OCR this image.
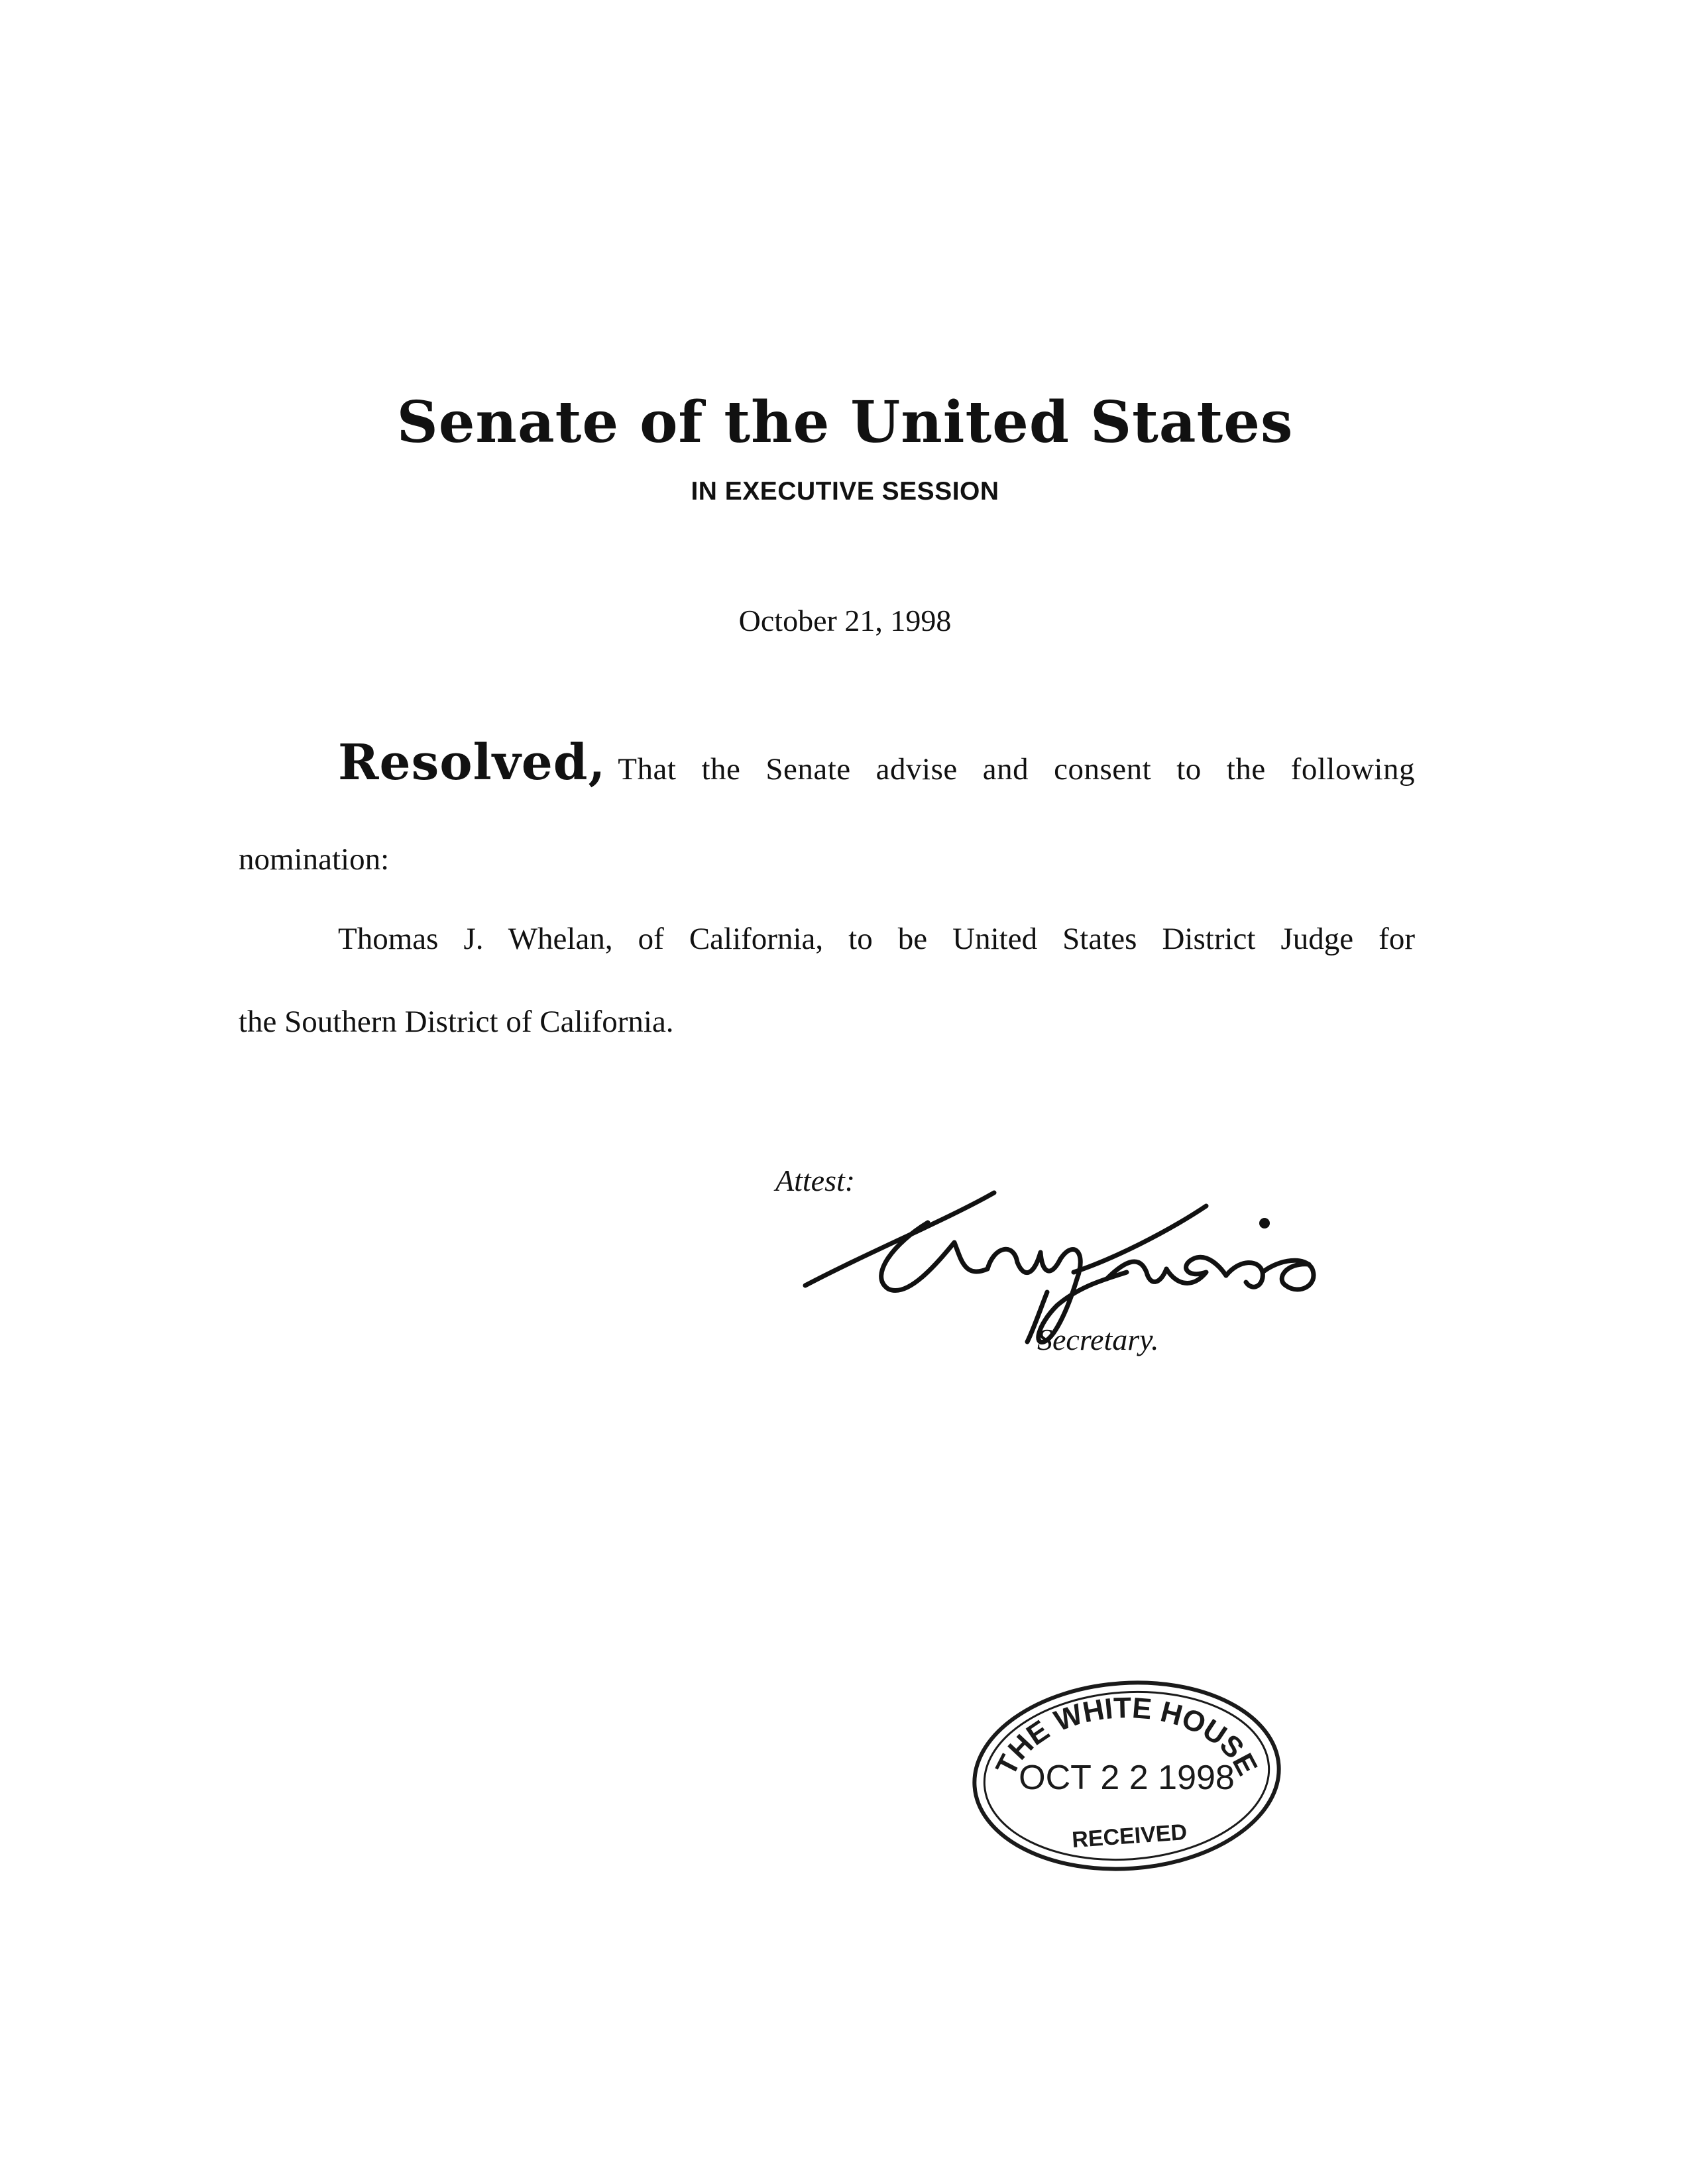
Senate of the United States
IN EXECUTIVE SESSION
October 21, 1998
Resolved, That the Senate advise and consent to the following
nomination:
Thomas J. Whelan, of California, to be United States District Judge for
the Southern District of California.
Attest:
Secretary.
THE WHITE HOUSE
OCT 2 2 1998
RECEIVED
